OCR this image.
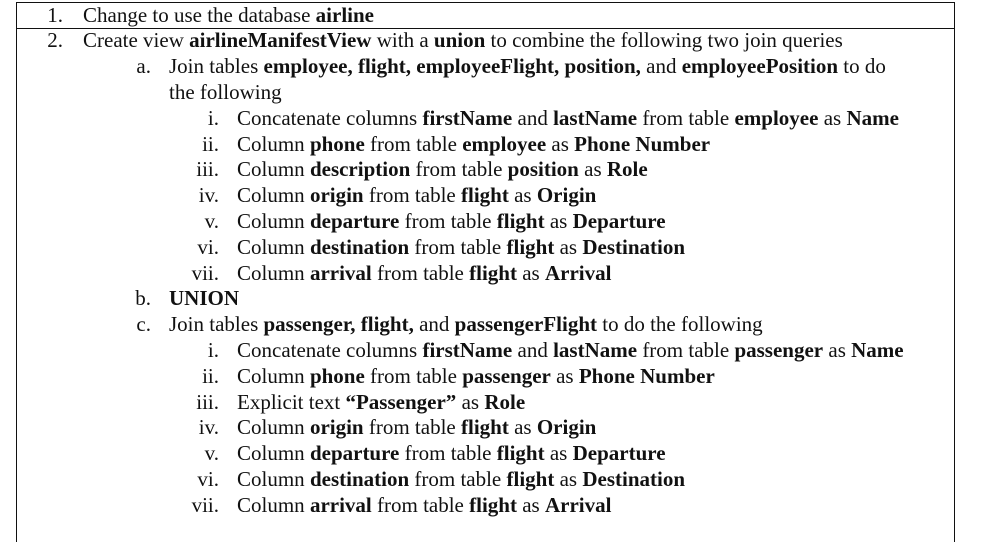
1. Change to use the database airline
2. Create view airlineManifestView with a union to combine the following two join queries
a. Join tables employee, flight, employeeFlight, position, and employeePosition to do
the following
i. Concatenate columns firstName and lastName from table employee as Name
ii. Column phone from table employee as Phone Number
iii. Column description from table position as Role
iv. Column origin from table flight as Origin
v. Column departure from table flight as Departure
vi. Column destination from table flight as Destination
vii. Column arrival from table flight as Arrival
b. UNION
c. Join tables passenger, flight, and passengerFlight to do the following
i. Concatenate columns firstName and lastName from table passenger as Name
ii. Column phone from table passenger as Phone Number
iii. Explicit text “Passenger” as Role
iv. Column origin from table flight as Origin
v. Column departure from table flight as Departure
vi. Column destination from table flight as Destination
vii. Column arrival from table flight as Arrival
